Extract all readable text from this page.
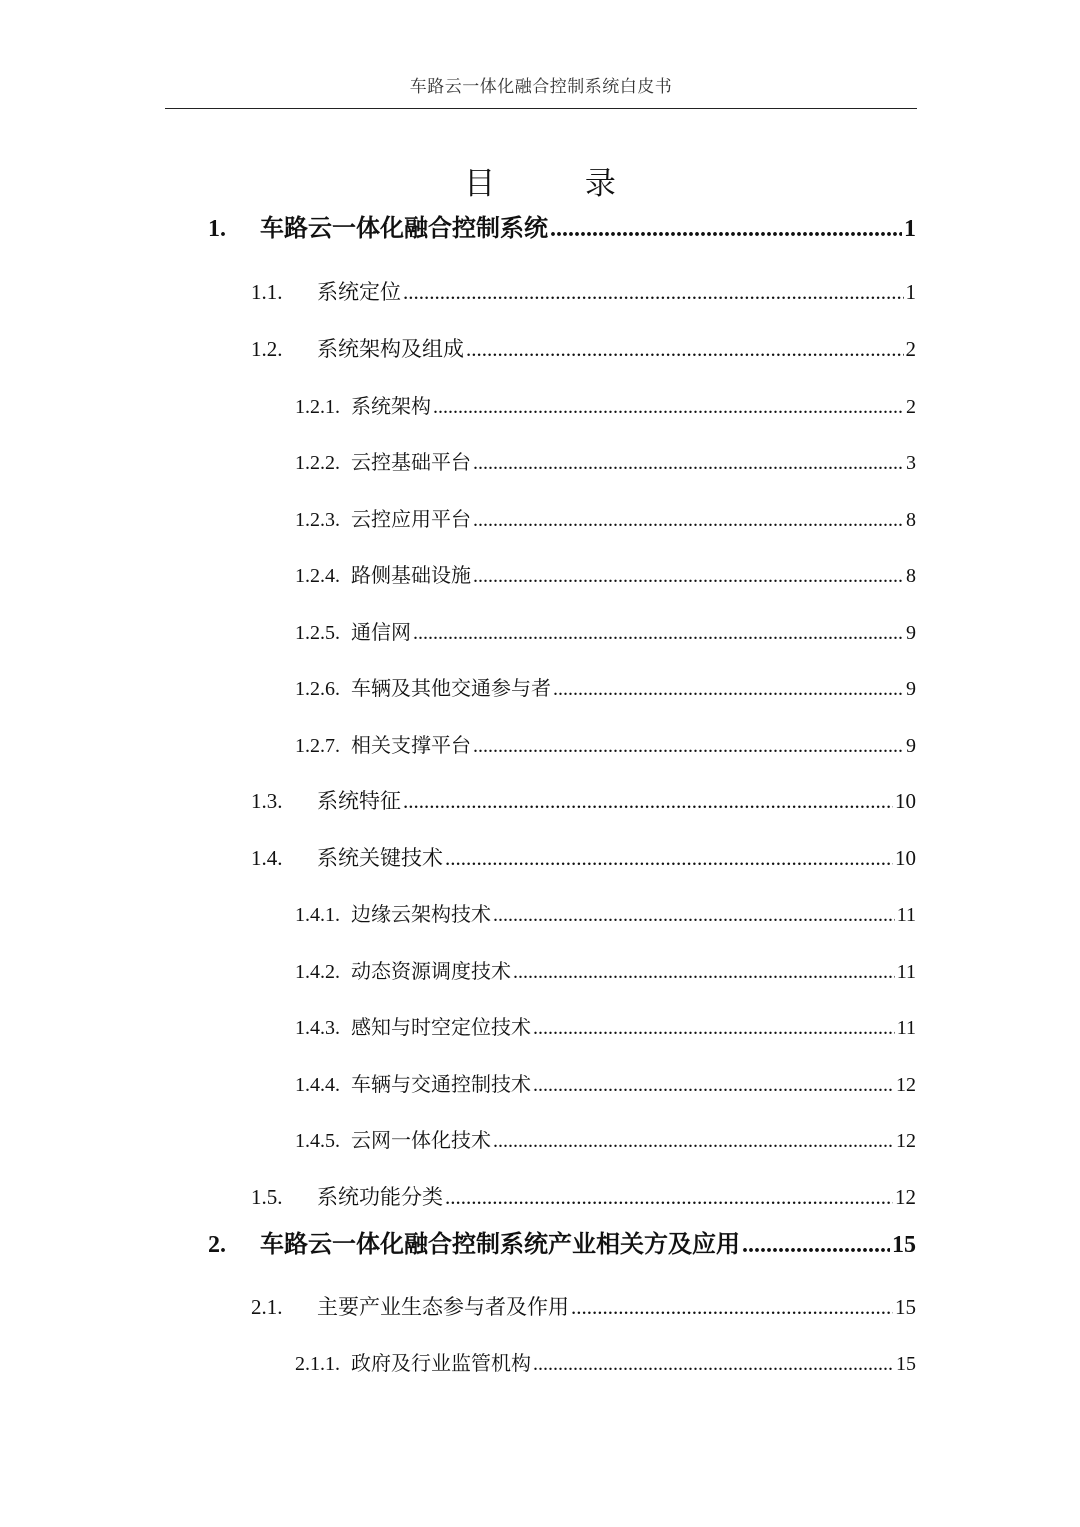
车路云一体化融合控制系统白皮书
目 录
1.	车路云一体化融合控制系统 .....	1
1.1.	系统定位 .....	1
1.2.	系统架构及组成 .....	2
1.2.1. 系统架构 .....	2
1.2.2. 云控基础平台 .....	3
1.2.3. 云控应用平台 .....	8
1.2.4. 路侧基础设施 .....	8
1.2.5. 通信网 .....	9
1.2.6. 车辆及其他交通参与者 .....	9
1.2.7. 相关支撑平台 .....	9
1.3.	系统特征 .....	10
1.4.	系统关键技术 .....	10
1.4.1. 边缘云架构技术 .....	11
1.4.2. 动态资源调度技术 .....	11
1.4.3. 感知与时空定位技术 .....	11
1.4.4. 车辆与交通控制技术 .....	12
1.4.5. 云网一体化技术 .....	12
1.5.	系统功能分类 .....	12
2.	车路云一体化融合控制系统产业相关方及应用 .....	15
2.1.	主要产业生态参与者及作用 .....	15
2.1.1. 政府及行业监管机构 .....	15
